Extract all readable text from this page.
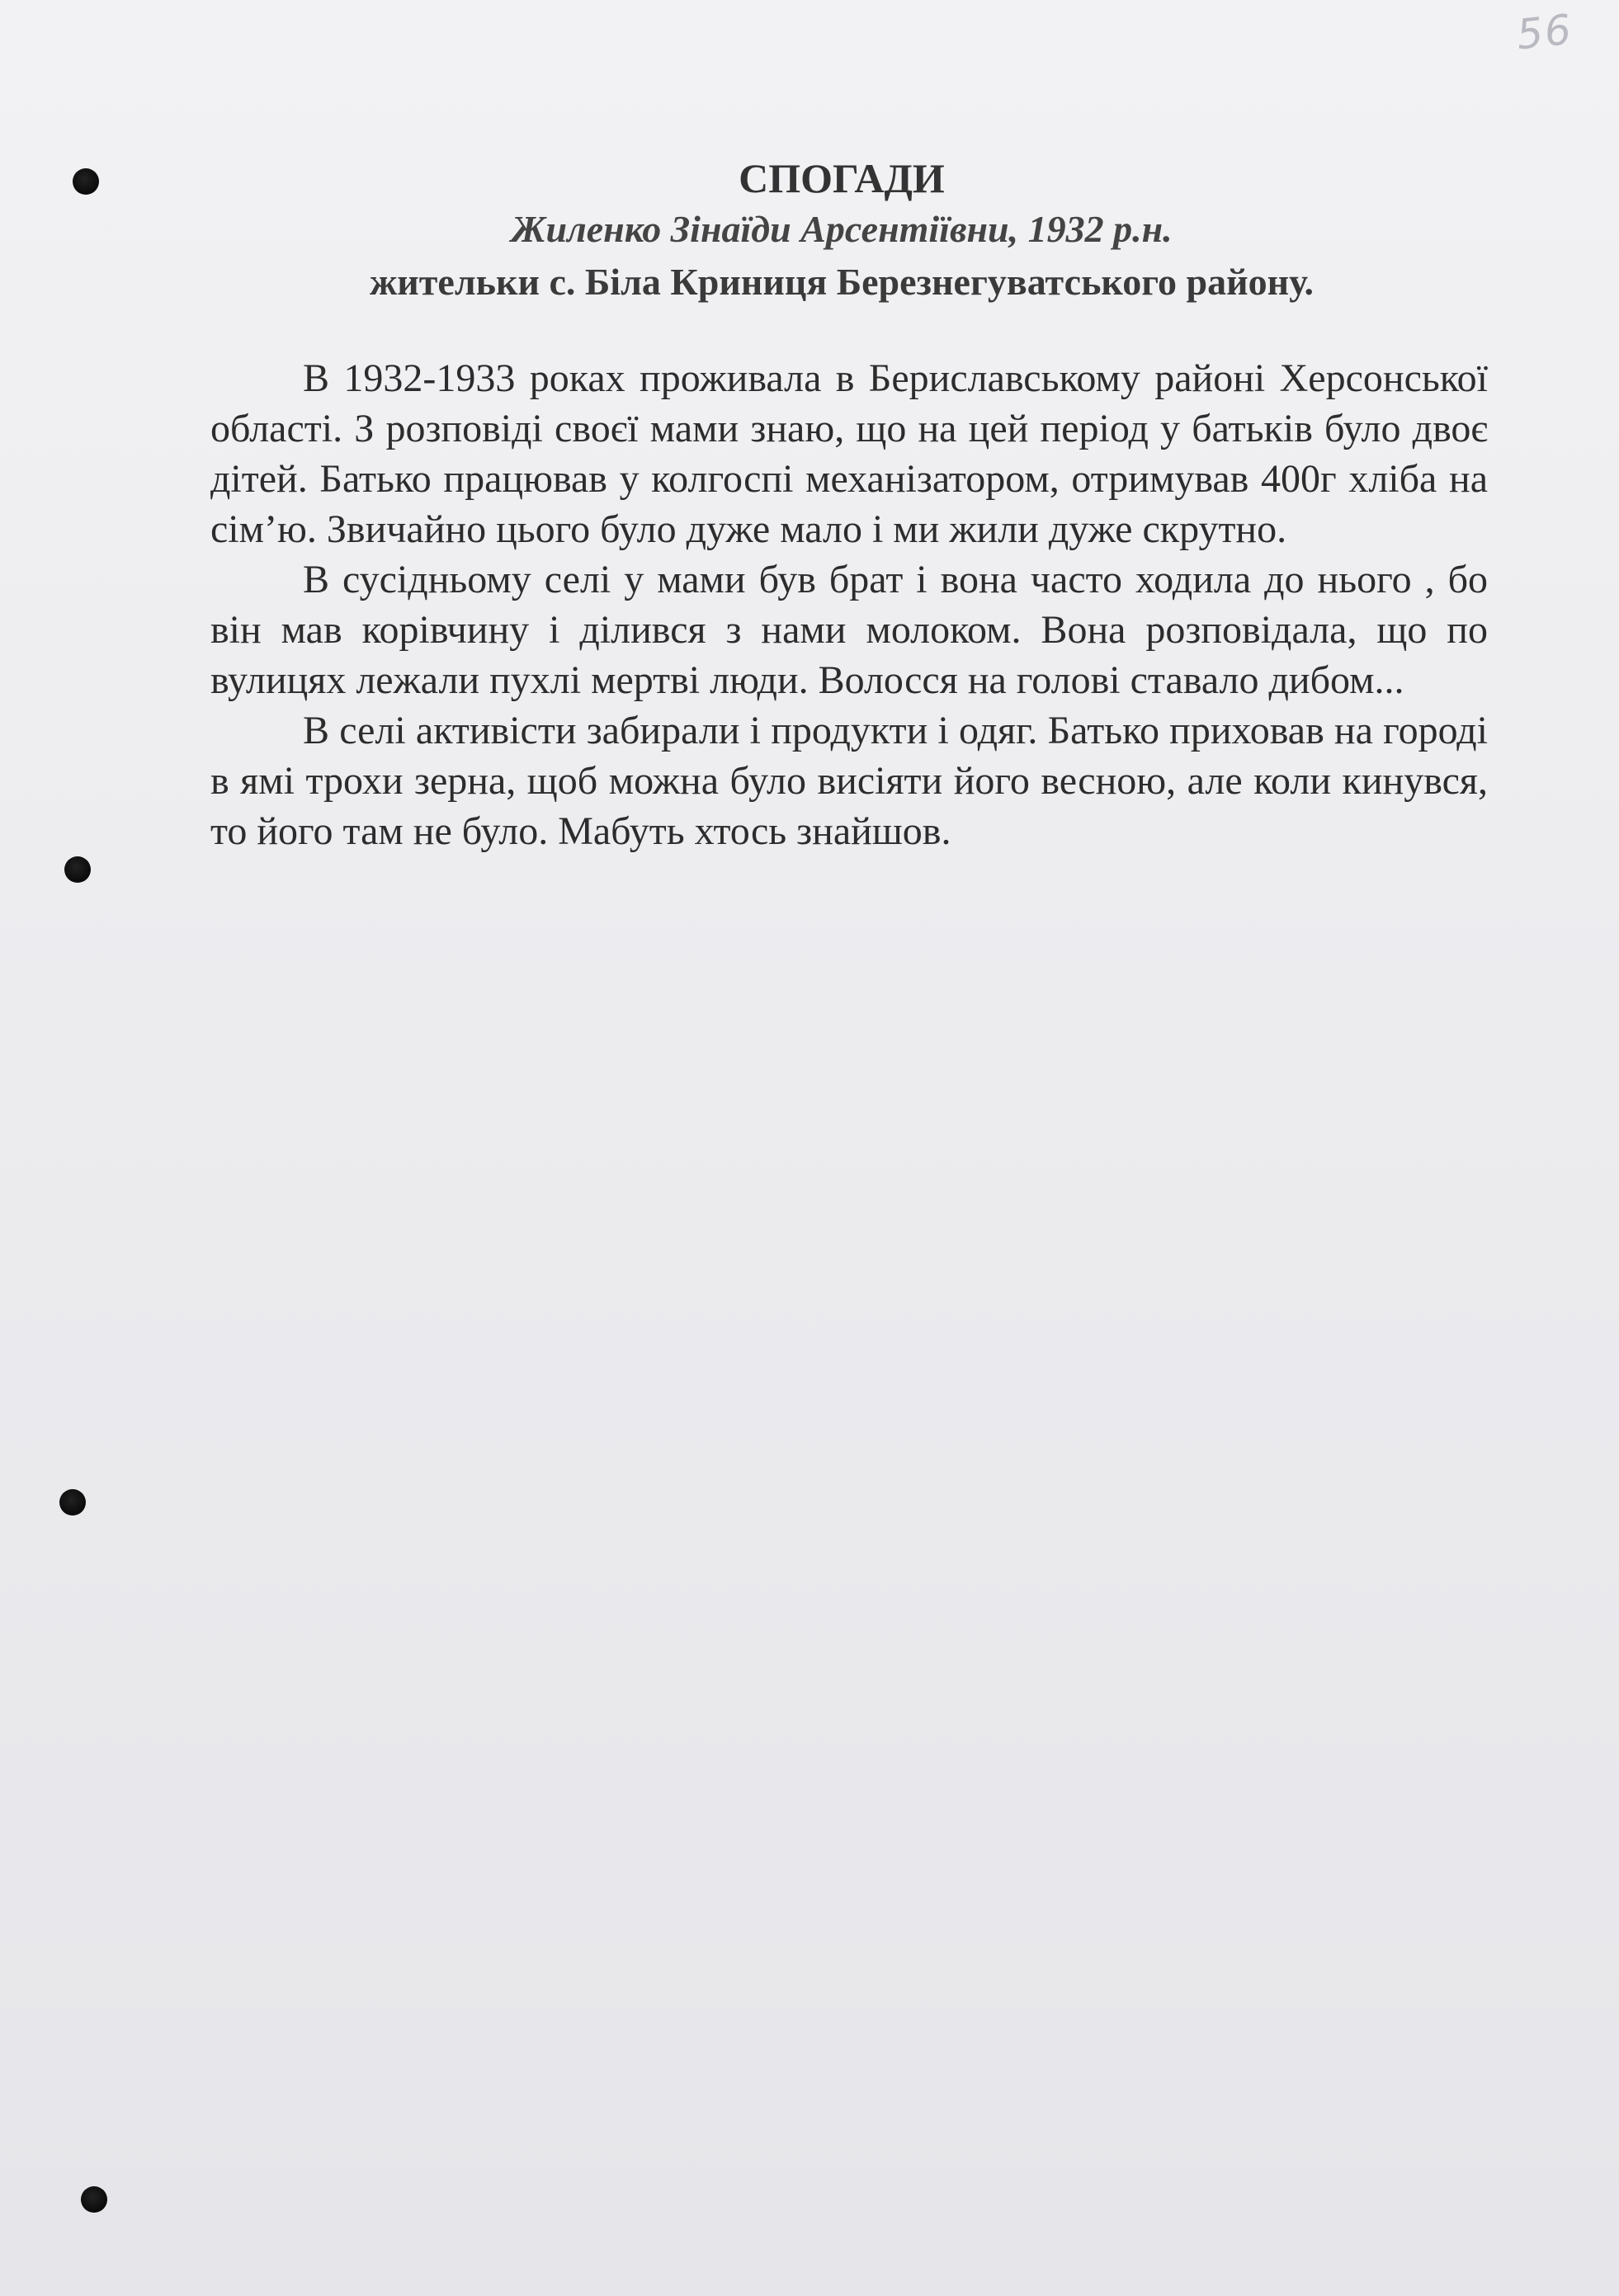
56
СПОГАДИ
Жиленко Зінаїди Арсентіївни, 1932 р.н.
жительки с. Біла Криниця Березнегуватського району.

В 1932-1933 роках проживала в Бериславському районі Херсонської області. З розповіді своєї мами знаю, що на цей період у батьків було двоє дітей. Батько працював у колгоспі механізатором, отримував 400г хліба на сім’ю. Звичайно цього було дуже мало і ми жили дуже скрутно.

В сусідньому селі у мами був брат і вона часто ходила до нього , бо він мав корівчину і ділився з нами молоком. Вона розповідала, що по вулицях лежали пухлі мертві люди. Волосся на голові ставало дибом...

В селі активісти забирали і продукти і одяг. Батько приховав на городі в ямі трохи зерна, щоб можна було висіяти його весною, але коли кинувся, то його там не було. Мабуть хтось знайшов.
